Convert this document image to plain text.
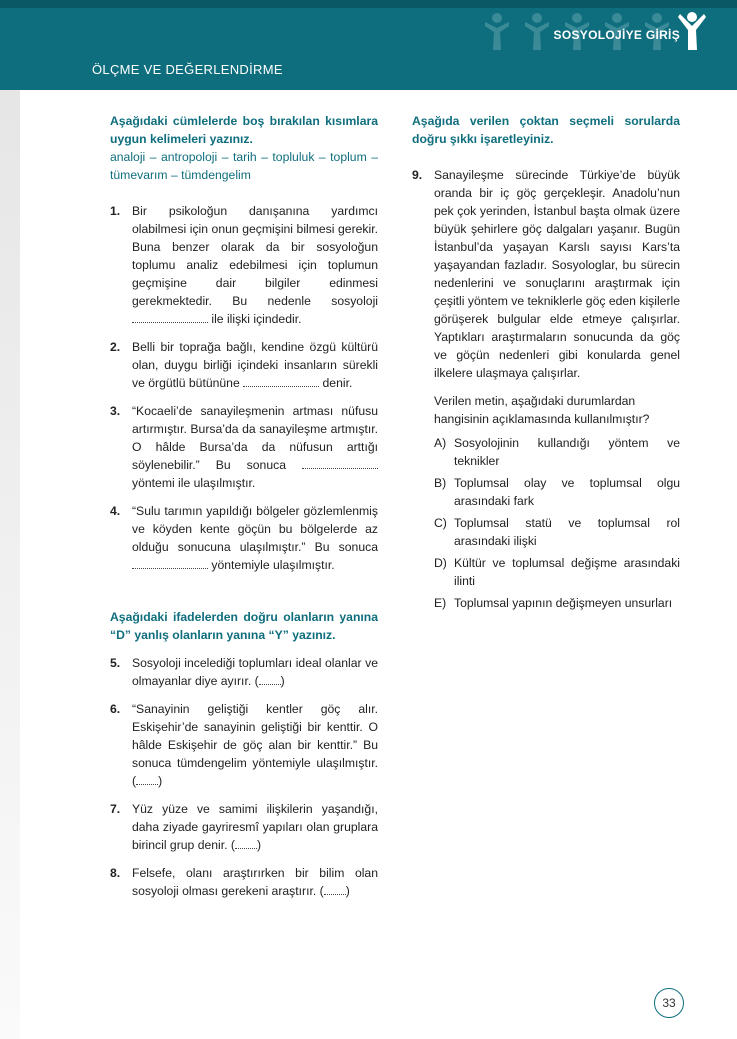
SOSYOLOJİYE GİRİŞ
ÖLÇME VE DEĞERLENDİRME

Aşağıdaki cümlelerde boş bırakılan kısımlara uygun kelimeleri yazınız.

analoji – antropoloji – tarih – topluluk – toplum – tümevarım – tümdengelim

1. Bir psikoloğun danışanına yardımcı olabilmesi için onun geçmişini bilmesi gerekir. Buna benzer olarak da bir sosyoloğun toplumu analiz edebilmesi için toplumun geçmişine dair bilgiler edinmesi gerekmektedir. Bu nedenle sosyoloji  ile ilişki içindedir.
2. Belli bir toprağa bağlı, kendine özgü kültürü olan, duygu birliği içindeki insanların sürekli ve örgütlü bütününe	denir.
3. “Kocaeli’de sanayileşmenin artması nüfusu artırmıştır. Bursa’da da sanayileşme artmıştır. O hâlde Bursa’da da nüfusun arttığı söylenebilir.” Bu sonuca  yöntemi ile ulaşılmıştır.
4. “Sulu tarımın yapıldığı bölgeler gözlemlenmiş ve köyden kente göçün bu bölgelerde az olduğu sonucuna ulaşılmıştır.” Bu sonuca  yöntemiyle ulaşılmıştır.

Aşağıdaki ifadelerden doğru olanların yanına “D” yanlış olanların yanına “Y” yazınız.

5. Sosyoloji incelediği toplumları ideal olanlar ve olmayanlar diye ayırır. ( )
6. “Sanayinin geliştiği kentler göç alır. Eskişehir’de sanayinin geliştiği bir kenttir. O hâlde Eskişehir de göç alan bir kenttir.” Bu sonuca tümdengelim yöntemiyle ulaşılmıştır. ( )
7. Yüz yüze ve samimi ilişkilerin yaşandığı, daha ziyade gayriresmî yapıları olan gruplara birincil grup denir. ( )
8. Felsefe, olanı araştırırken bir bilim olan sosyoloji olması gerekeni araştırır. ( )

Aşağıda verilen çoktan seçmeli sorularda doğru şıkkı işaretleyiniz.

9. Sanayileşme sürecinde Türkiye’de büyük oranda bir iç göç gerçekleşir. Anadolu’nun pek çok yerinden, İstanbul başta olmak üzere büyük şehirlere göç dalgaları yaşanır. Bugün İstanbul’da yaşayan Karslı sayısı Kars’ta yaşayandan fazladır. Sosyologlar, bu sürecin nedenlerini ve sonuçlarını araştırmak için çeşitli yöntem ve tekniklerle göç eden kişilerle görüşerek bulgular elde etmeye çalışırlar. Yaptıkları araştırmaların sonucunda da göç ve göçün nedenleri gibi konularda genel ilkelere ulaşmaya çalışırlar.
Verilen metin, aşağıdaki durumlardan hangisinin açıklamasında kullanılmıştır?
A) Sosyolojinin kullandığı yöntem ve teknikler
B) Toplumsal olay ve toplumsal olgu arasındaki fark
C) Toplumsal statü ve toplumsal rol arasındaki ilişki
D) Kültür ve toplumsal değişme arasındaki ilinti
E) Toplumsal yapının değişmeyen unsurları
33
